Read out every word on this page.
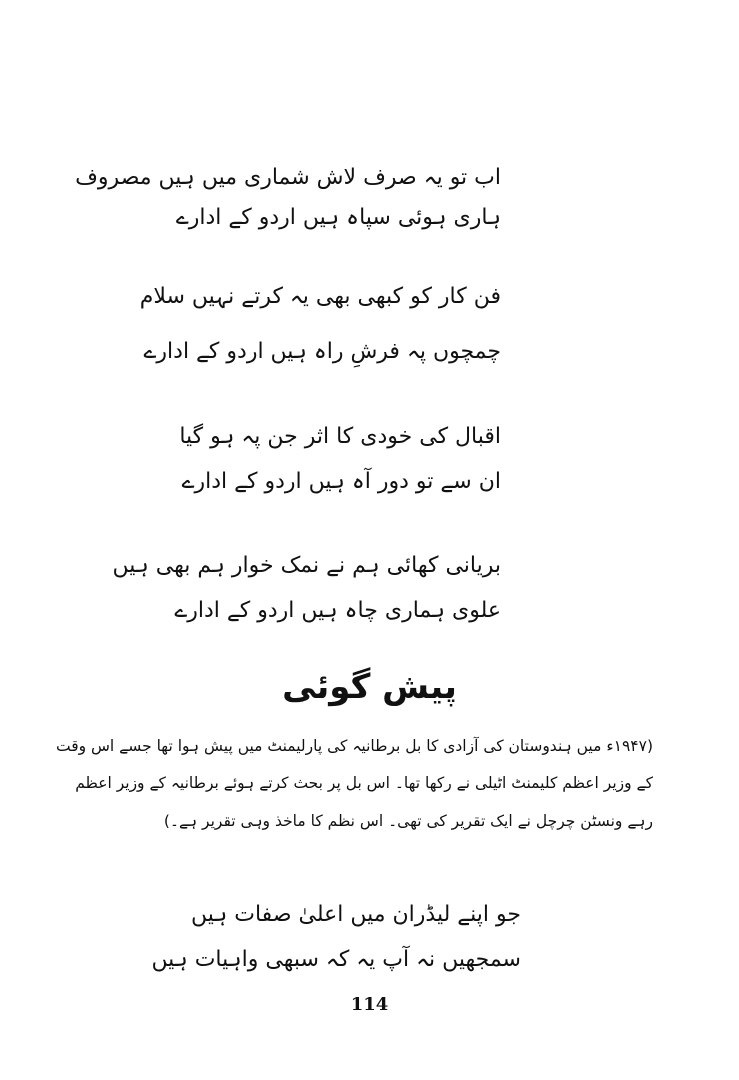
اب تو یہ صرف لاش شماری میں ہیں مصروف
ہاری ہوئی سپاہ ہیں اردو کے ادارے
فن کار کو کبھی بھی یہ کرتے نہیں سلام
چمچوں پہ فرشِ راہ ہیں اردو کے ادارے
اقبال کی خودی کا اثر جن پہ ہو گیا
ان سے تو دور آہ ہیں اردو کے ادارے
بریانی کھائی ہم نے نمک خوار ہم بھی ہیں
علوی ہماری چاہ ہیں اردو کے ادارے
پیش گوئی
(۱۹۴۷ء میں ہندوستان کی آزادی کا بل برطانیہ کی پارلیمنٹ میں پیش ہوا تھا جسے اس وقت
کے وزیر اعظم کلیمنٹ اٹیلی نے رکھا تھا۔ اس بل پر بحث کرتے ہوئے برطانیہ کے وزیر اعظم
رہے ونسٹن چرچل نے ایک تقریر کی تھی۔ اس نظم کا ماخذ وہی تقریر ہے۔)
جو اپنے لیڈران میں اعلیٰ صفات ہیں
سمجھیں نہ آپ یہ کہ سبھی واہیات ہیں
114
